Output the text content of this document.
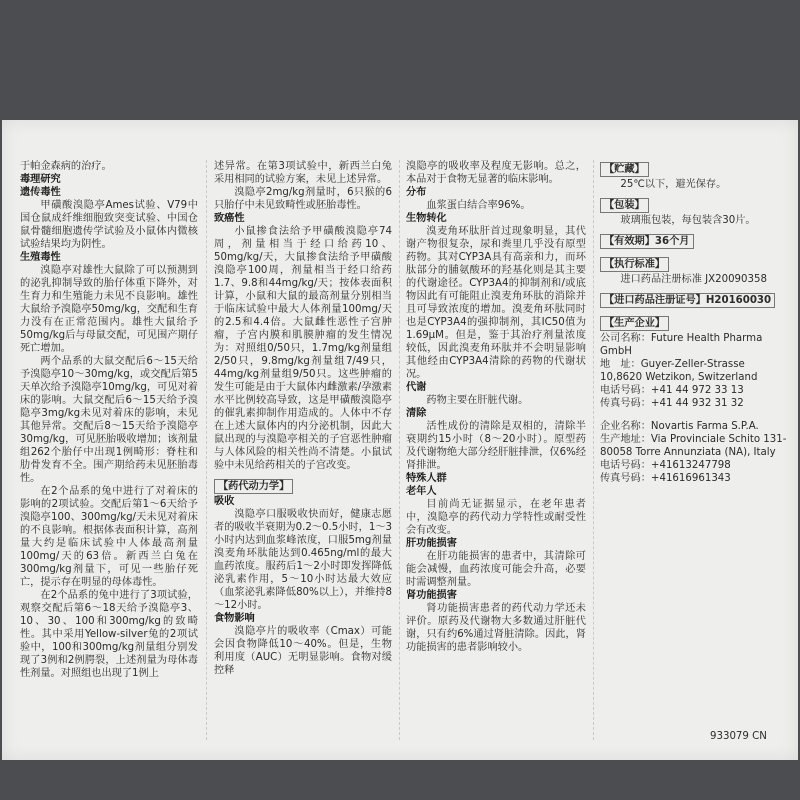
于帕金森病的治疗。

毒理研究

遗传毒性

甲磺酸溴隐亭Ames试验、V79中国仓鼠成纤维细胞致突变试验、中国仓鼠骨髓细胞遗传学试验及小鼠体内微核试验结果均为阴性。

生殖毒性

溴隐亭对雄性大鼠除了可以预测到的泌乳抑制导致的胎仔体重下降外，对生育力和生殖能力未见不良影响。雄性大鼠给予溴隐亭50mg/kg，交配和生育力没有在正常范围内。雄性大鼠给予50mg/kg后与母鼠交配，可见围产期仔死亡增加。

两个品系的大鼠交配后6～15天给予溴隐亭10～30mg/kg，或交配后第5天单次给予溴隐亭10mg/kg，可见对着床的影响。大鼠交配后6～15天给予溴隐亭3mg/kg未见对着床的影响，未见其他异常。交配后8～15天给予溴隐亭30mg/kg，可见胚胎吸收增加；该剂量组262个胎仔中出现1例畸形：脊柱和肋骨发育不全。围产期给药未见胚胎毒性。

在2个品系的兔中进行了对着床的影响的2项试验。交配后第1～6天给予溴隐亭100、300mg/kg/天未见对着床的不良影响。根据体表面积计算，高剂量大约是临床试验中人体最高剂量100mg/天的63倍。新西兰白兔在300mg/kg剂量下，可见一些胎仔死亡，提示存在明显的母体毒性。

在2个品系的兔中进行了3项试验，观察交配后第6～18天给予溴隐亭3、10、30、100和300mg/kg的致畸性。其中采用Yellow-silver兔的2项试验中，100和300mg/kg剂量组分别发现了3例和2例腭裂，上述剂量为母体毒性剂量。对照组也出现了1例上

述异常。在第3项试验中，新西兰白兔采用相同的试验方案，未见上述异常。

溴隐亭2mg/kg剂量时，6只猴的6只胎仔中未见致畸性或胚胎毒性。

致癌性

小鼠掺食法给予甲磺酸溴隐亭74周，剂量相当于经口给药10、50mg/kg/天，大鼠掺食法给予甲磺酸溴隐亭100周，剂量相当于经口给药1.7、9.8和44mg/kg/天；按体表面积计算，小鼠和大鼠的最高剂量分别相当于临床试验中最大人体剂量100mg/天的2.5和4.4倍。大鼠雌性恶性子宫肿瘤，子宫内膜和肌膜肿瘤的发生情况为：对照组0/50只，1.7mg/kg剂量组2/50只，9.8mg/kg剂量组7/49只，44mg/kg剂量组9/50只。这些肿瘤的发生可能是由于大鼠体内雌激素/孕激素水平比例较高导致，这是甲磺酸溴隐亭的催乳素抑制作用造成的。人体中不存在上述大鼠体内的内分泌机制，因此大鼠出现的与溴隐亭相关的子宫恶性肿瘤与人体风险的相关性尚不清楚。小鼠试验中未见给药相关的子宫改变。

【药代动力学】

吸收

溴隐亭口服吸收快而好，健康志愿者的吸收半衰期为0.2～0.5小时，1～3小时内达到血浆峰浓度，口服5mg剂量溴麦角环肽能达到0.465ng/ml的最大血药浓度。服药后1～2小时即发挥降低泌乳素作用，5～10小时达最大效应（血浆泌乳素降低80%以上），并维持8～12小时。

食物影响

溴隐亭片的吸收率（Cmax）可能会因食物降低10～40%。但是，生物利用度（AUC）无明显影响。食物对缓控释

溴隐亭的吸收率及程度无影响。总之，本品对于食物无显著的临床影响。

分布

血浆蛋白结合率96%。

生物转化

溴麦角环肽肝首过现象明显，其代谢产物很复杂，尿和粪里几乎没有原型药物。其对CYP3A具有高亲和力，而环肽部分的脯氨酸环的羟基化则是其主要的代谢途径。CYP3A4的抑制剂和/或底物因此有可能阻止溴麦角环肽的消除并且可导致浓度的增加。溴麦角环肽同时也是CYP3A4的强抑制剂，其IC50值为1.69μM。但是，鉴于其治疗剂量浓度较低，因此溴麦角环肽并不会明显影响其他经由CYP3A4清除的药物的代谢状况。

代谢

药物主要在肝脏代谢。

清除

活性成份的清除是双相的，清除半衰期约15小时（8～20小时）。原型药及代谢物绝大部分经肝脏排泄，仅6%经肾排泄。

特殊人群

老年人

目前尚无证据显示，在老年患者中，溴隐亭的药代动力学特性或耐受性会有改变。

肝功能损害

在肝功能损害的患者中，其清除可能会减慢，血药浓度可能会升高，必要时需调整剂量。

肾功能损害

肾功能损害患者的药代动力学还未评价。原药及代谢物大多数通过肝脏代谢，只有约6%通过肾脏清除。因此，肾功能损害的患者影响较小。

【贮藏】

25℃以下，避光保存。

【包装】

玻璃瓶包装，每包装含30片。

【有效期】36个月
【执行标准】

进口药品注册标准 JX20090358

【进口药品注册证号】H20160030
【生产企业】

公司名称：Future Health Pharma GmbH

地　址：Guyer-Zeller-Strasse 10,8620 Wetzikon, Switzerland

电话号码：+41 44 972 33 13

传真号码：+41 44 932 31 32

企业名称：Novartis Farma S.P.A.

生产地址：Via Provinciale Schito 131-80058 Torre Annunziata (NA), Italy

电话号码：+41613247798

传真号码：+41616961343

933079 CN
